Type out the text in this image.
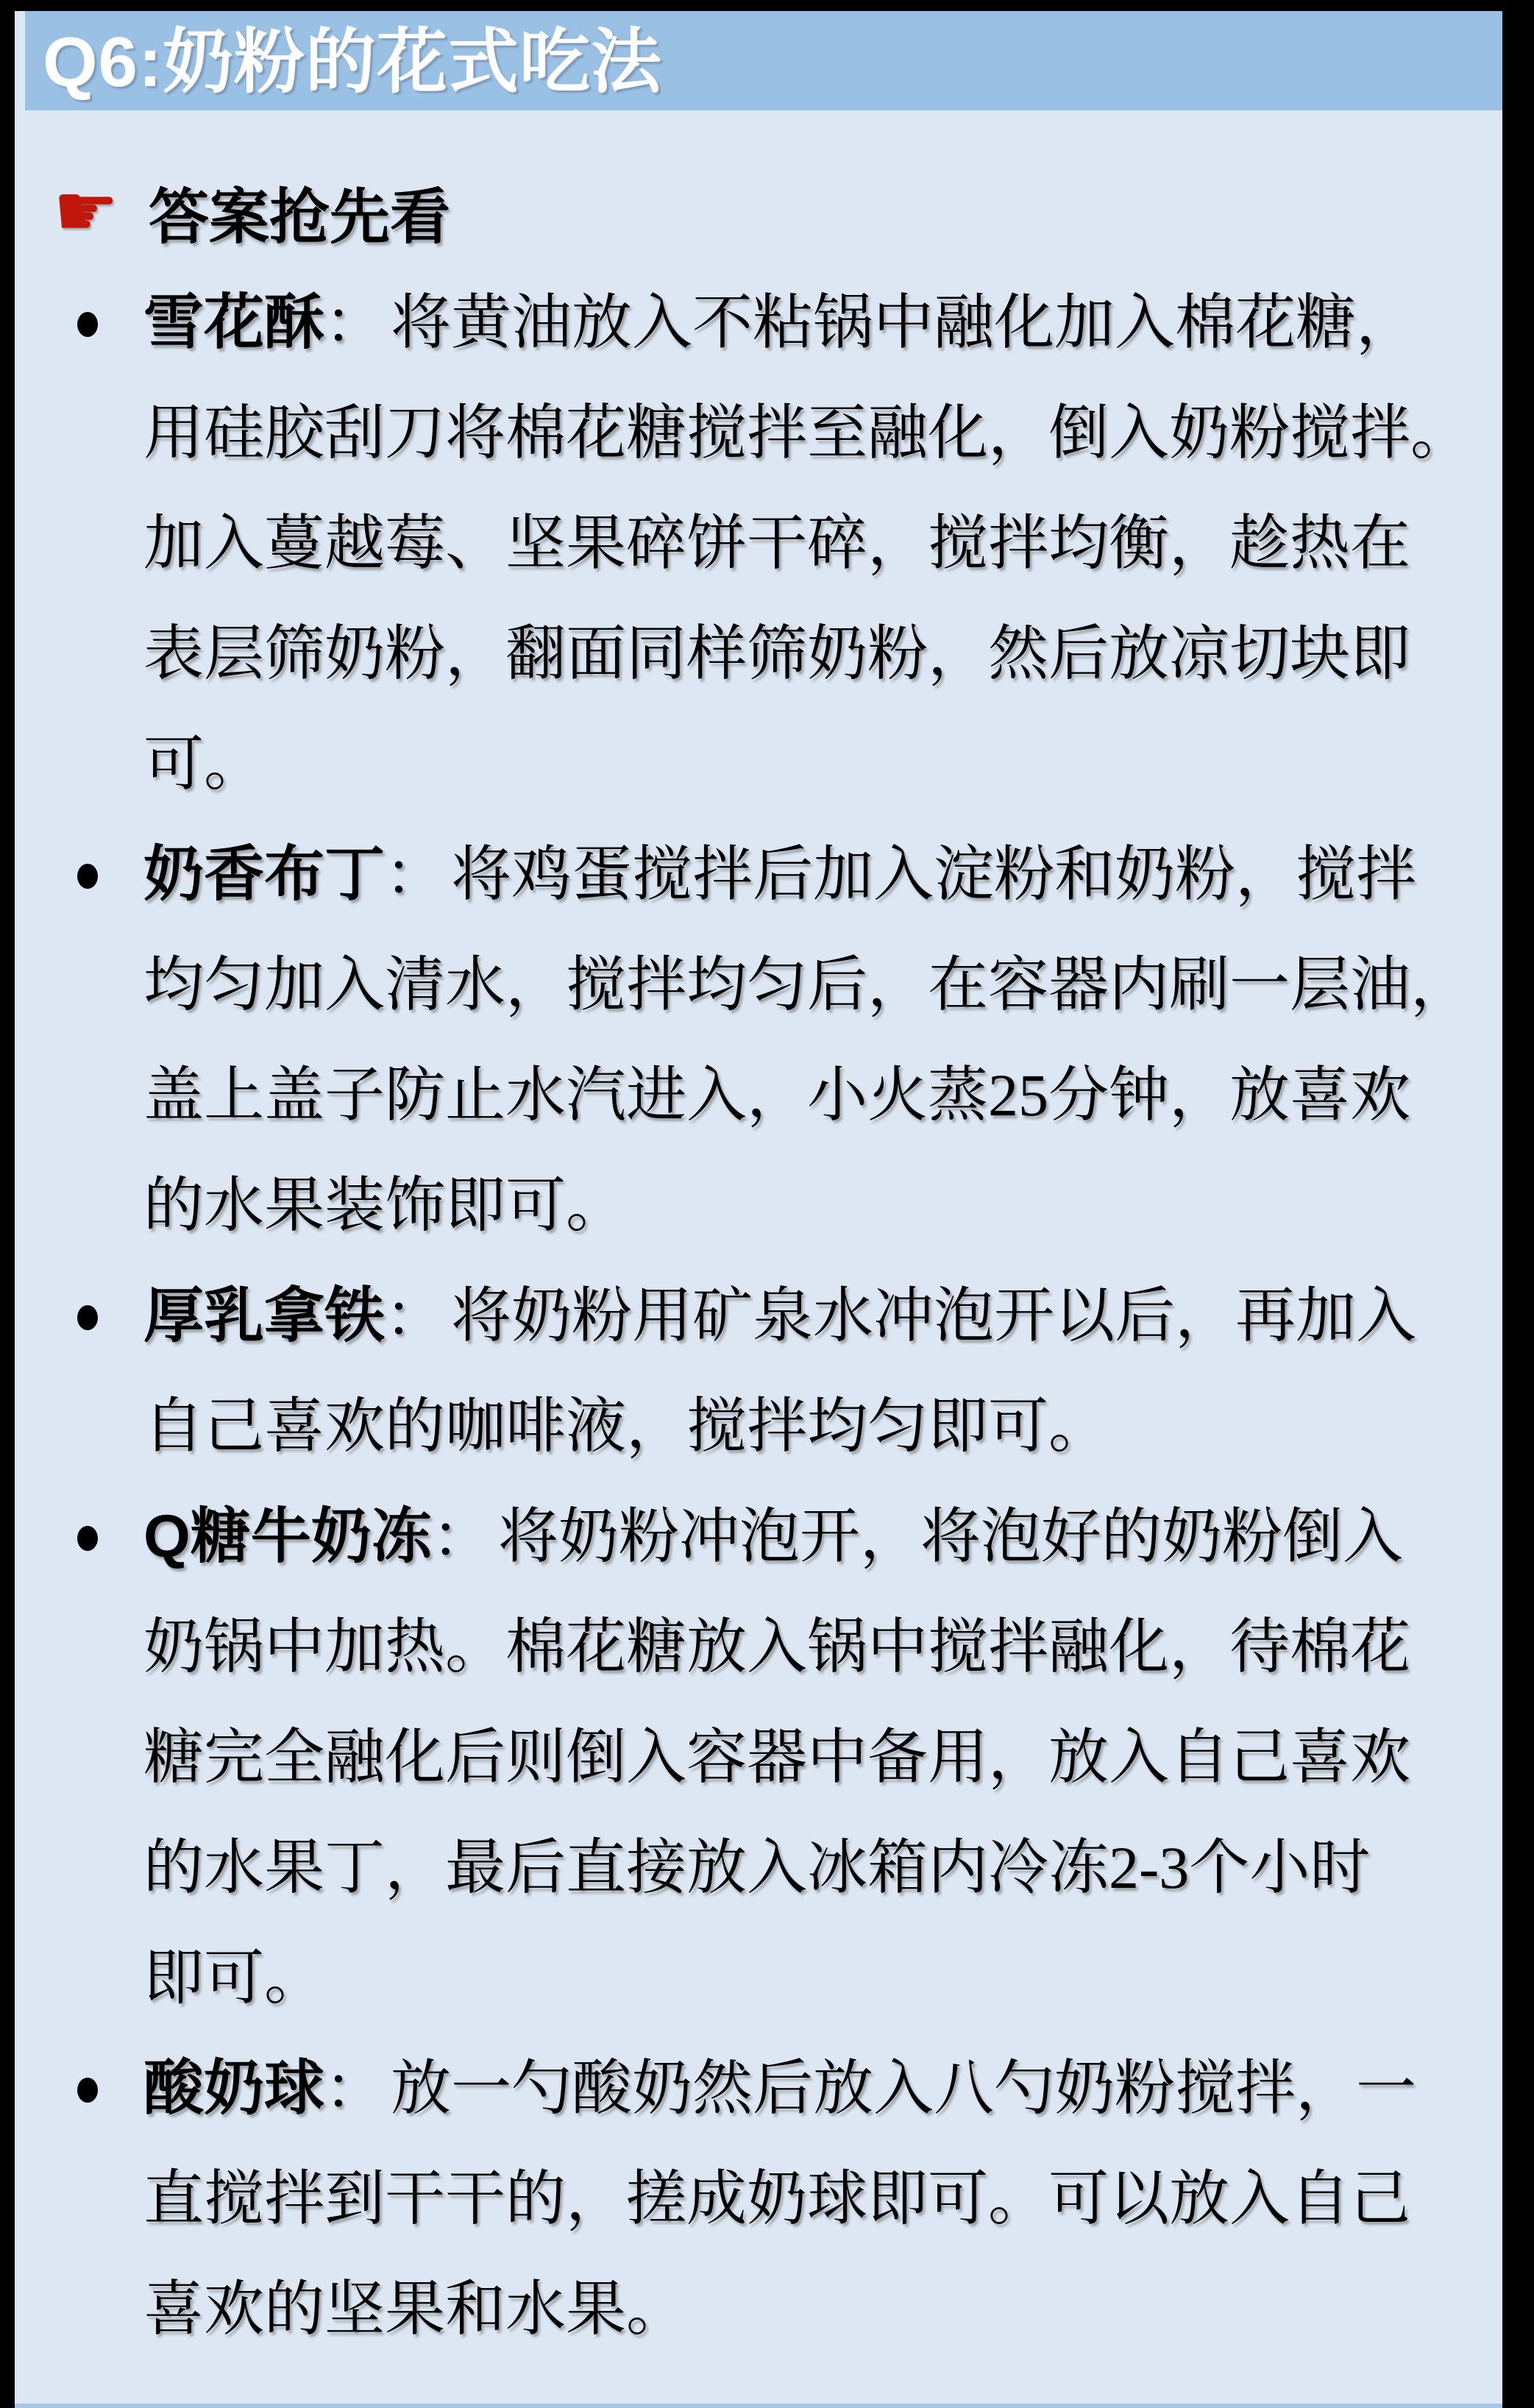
Q6:奶粉的花式吃法
☛ 答案抢先看
雪花酥：将黄油放入不粘锅中融化加入棉花糖，
用硅胶刮刀将棉花糖搅拌至融化，倒入奶粉搅拌。
加入蔓越莓、坚果碎饼干碎，搅拌均衡，趁热在
表层筛奶粉，翻面同样筛奶粉，然后放凉切块即
可。
奶香布丁：将鸡蛋搅拌后加入淀粉和奶粉，搅拌
均匀加入清水，搅拌均匀后，在容器内刷一层油，
盖上盖子防止水汽进入，小火蒸25分钟，放喜欢
的水果装饰即可。
厚乳拿铁：将奶粉用矿泉水冲泡开以后，再加入
自己喜欢的咖啡液，搅拌均匀即可。
Q糖牛奶冻：将奶粉冲泡开，将泡好的奶粉倒入
奶锅中加热。棉花糖放入锅中搅拌融化，待棉花
糖完全融化后则倒入容器中备用，放入自己喜欢
的水果丁，最后直接放入冰箱内冷冻2-3个小时
即可。
酸奶球：放一勺酸奶然后放入八勺奶粉搅拌，一
直搅拌到干干的，搓成奶球即可。可以放入自己
喜欢的坚果和水果。
